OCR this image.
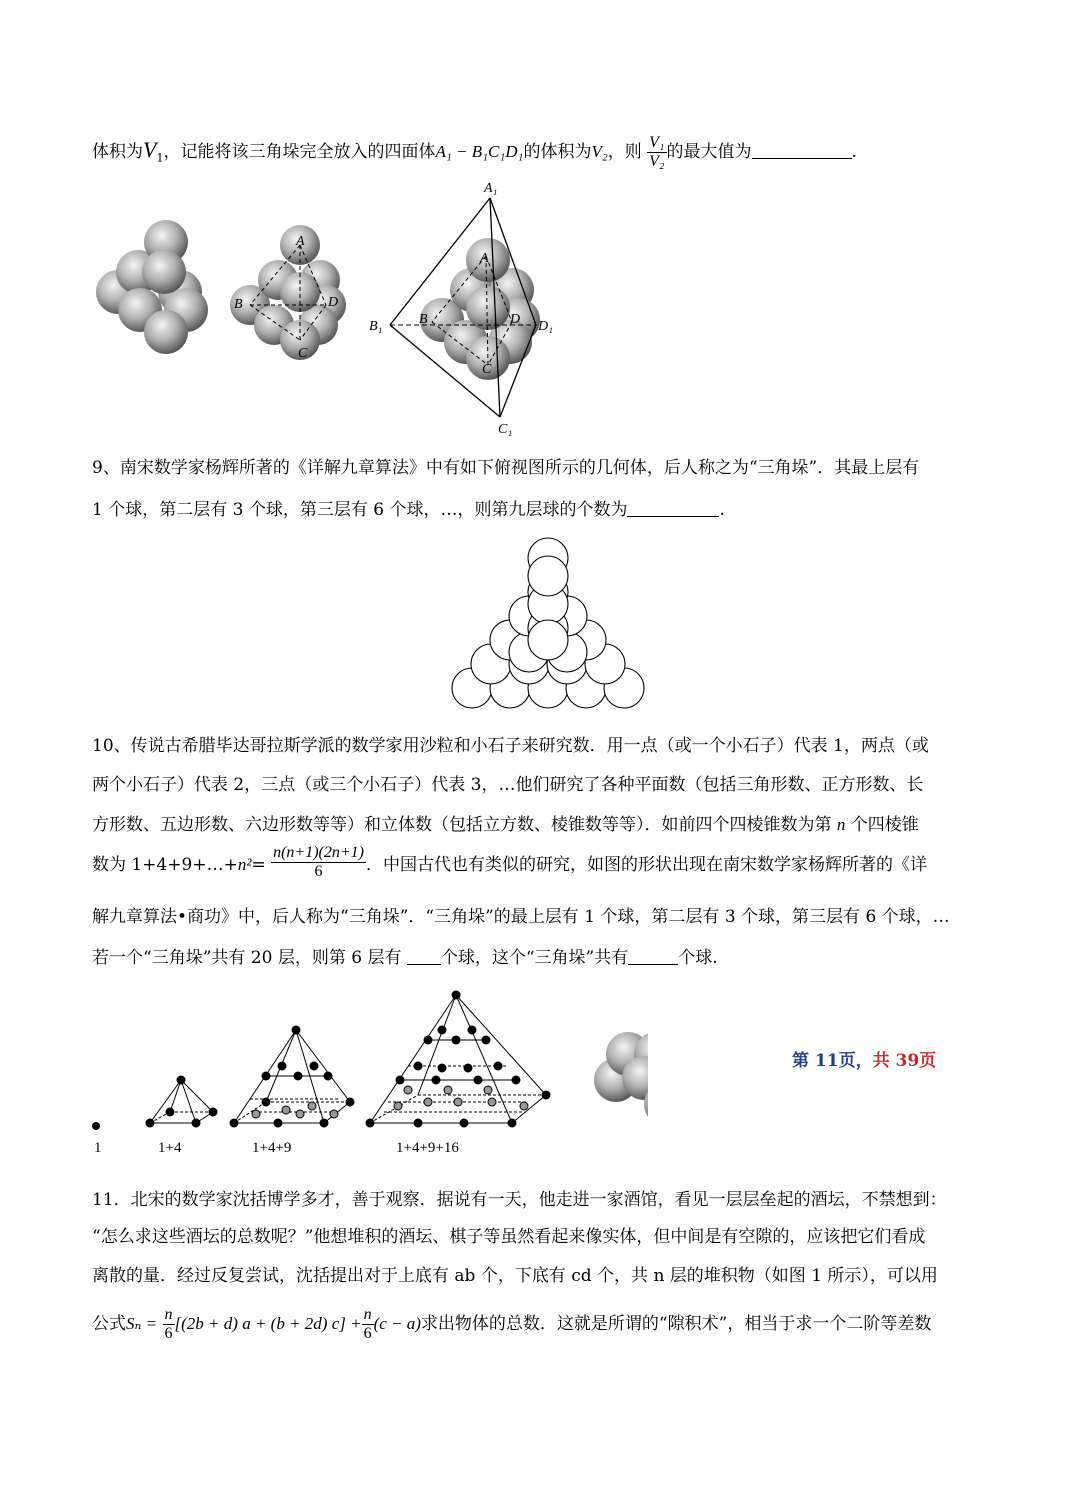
体积为$V_1$，记能将该三角垛完全放入的四面体A₁ − B₁C₁D₁的体积为V₂，则 $\frac{\text{V₁}}{\text{V₂}}$ 的最大值为	.
A
B	D
C
A₁
B₁	D₁
C₁
A
B	D
C
9、南宋数学家杨辉所著的《详解九章算法》中有如下俯视图所示的几何体，后人称之为“三角垛”．其最上层有
1 个球，第二层有 3 个球，第三层有 6 个球，…，则第九层球的个数为	.
10、传说古希腊毕达哥拉斯学派的数学家用沙粒和小石子来研究数．用一点（或一个小石子）代表 1，两点（或
两个小石子）代表 2，三点（或三个小石子）代表 3，…他们研究了各种平面数（包括三角形数、正方形数、长
方形数、五边形数、六边形数等等）和立体数（包括立方数、棱锥数等等）．如前四个四棱锥数为第 n 个四棱锥
数为 1+4+9+…+n²= $\frac{n(n+1)(2n+1)}{6}$ ．中国古代也有类似的研究，如图的形状出现在南宋数学家杨辉所著的《详
解九章算法•商功》中，后人称为“三角垛”．“三角垛”的最上层有 1 个球，第二层有 3 个球，第三层有 6 个球，…
若一个“三角垛”共有 20 层，则第 6 层有 个球，这个“三角垛”共有	个球.
1	1+4	1+4+9	1+4+9+16
11．北宋的数学家沈括博学多才，善于观察．据说有一天，他走进一家酒馆，看见一层层垒起的酒坛，不禁想到：
“怎么求这些酒坛的总数呢？”他想堆积的酒坛、棋子等虽然看起来像实体，但中间是有空隙的，应该把它们看成
离散的量．经过反复尝试，沈括提出对于上底有 ab 个，下底有 cd 个，共 n 层的堆积物（如图 1 所示），可以用
公式$S_n = \frac{n}{6} [(2b + d) a + (b + 2d) c] + \frac{n}{6} (c - a)$求出物体的总数．这就是所谓的“隙积术”，相当于求一个二阶等差数
第 11页，共 39页
